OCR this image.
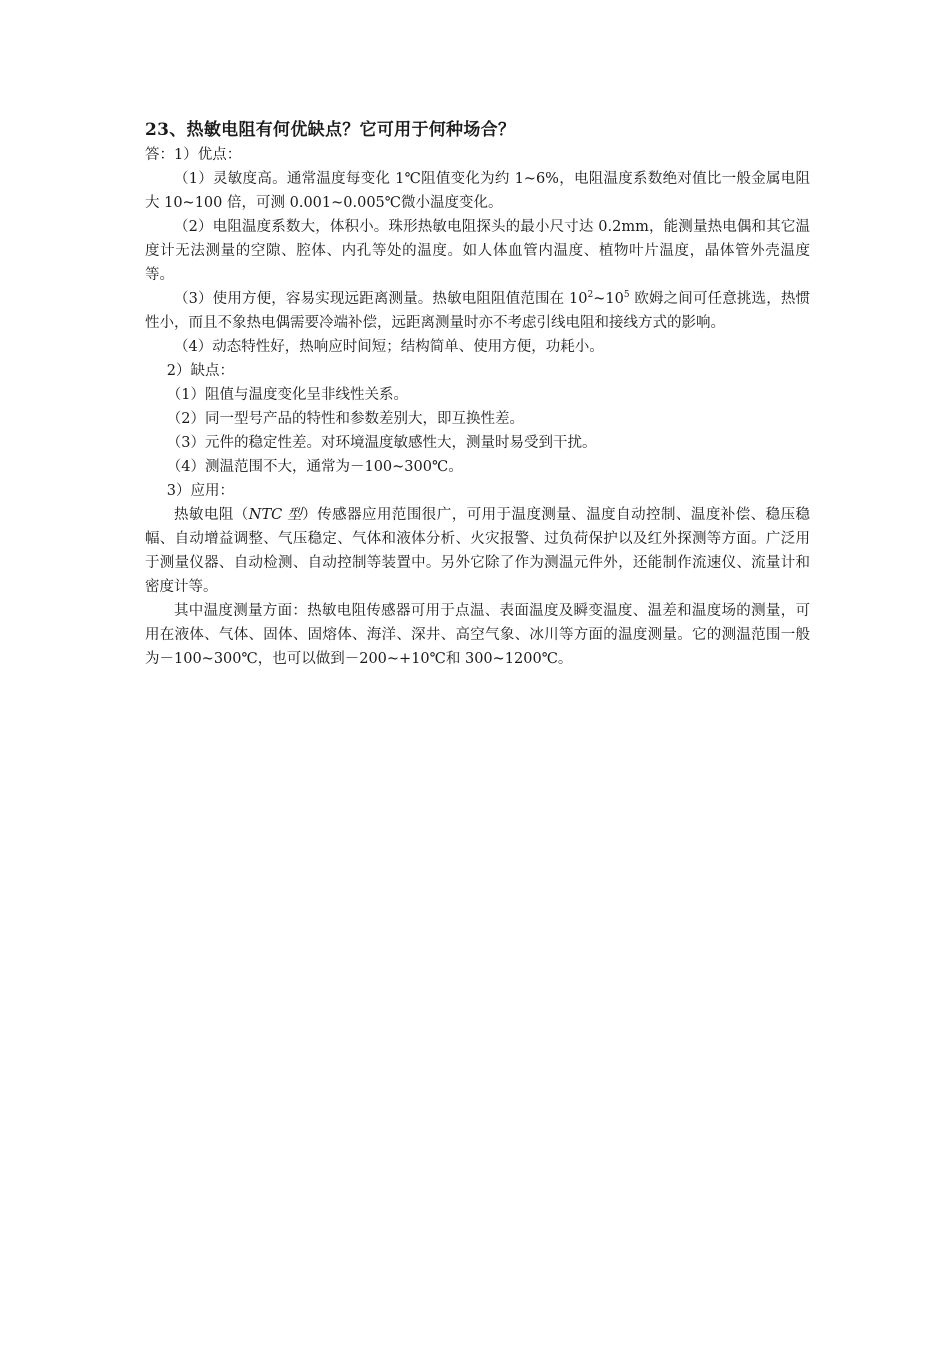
23、热敏电阻有何优缺点？它可用于何种场合？

答：1）优点：

（1）灵敏度高。通常温度每变化 1℃阻值变化为约 1~6%，电阻温度系数绝对值比一般金属电阻大 10~100 倍，可测 0.001~0.005℃微小温度变化。

（2）电阻温度系数大，体积小。珠形热敏电阻探头的最小尺寸达 0.2mm，能测量热电偶和其它温度计无法测量的空隙、腔体、内孔等处的温度。如人体血管内温度、植物叶片温度，晶体管外壳温度等。

（3）使用方便，容易实现远距离测量。热敏电阻阻值范围在 $10^2\sim 10^5$ 欧姆之间可任意挑选，热惯性小，而且不象热电偶需要冷端补偿，远距离测量时亦不考虑引线电阻和接线方式的影响。

（4）动态特性好，热响应时间短；结构简单、使用方便，功耗小。

2）缺点：

（1）阻值与温度变化呈非线性关系。

（2）同一型号产品的特性和参数差别大，即互换性差。

（3）元件的稳定性差。对环境温度敏感性大，测量时易受到干扰。

（4）测温范围不大，通常为－100~300℃。

3）应用：

热敏电阻（NTC 型）传感器应用范围很广，可用于温度测量、温度自动控制、温度补偿、稳压稳幅、自动增益调整、气压稳定、气体和液体分析、火灾报警、过负荷保护以及红外探测等方面。广泛用于测量仪器、自动检测、自动控制等装置中。另外它除了作为测温元件外，还能制作流速仪、流量计和密度计等。

其中温度测量方面：热敏电阻传感器可用于点温、表面温度及瞬变温度、温差和温度场的测量，可用在液体、气体、固体、固熔体、海洋、深井、高空气象、冰川等方面的温度测量。它的测温范围一般为－100~300℃，也可以做到－200~+10℃和 300~1200℃。
